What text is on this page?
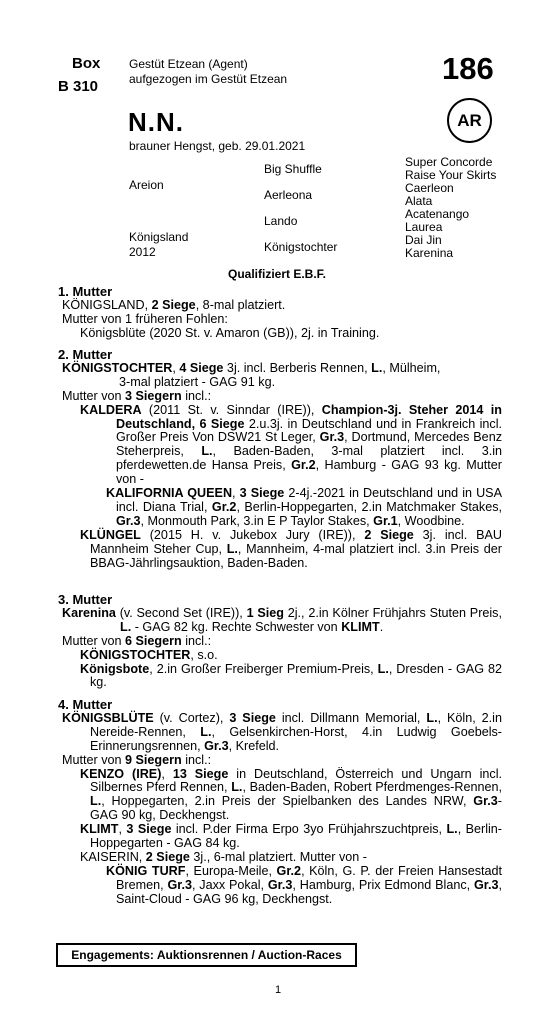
Box
B 310
Gestüt Etzean (Agent)
aufgezogen im Gestüt Etzean	186
AR
N.N.
brauner Hengst, geb. 29.01.2021
Areion
Königsland
2012
Big Shuffle
Aerleona
Lando
Königstochter
Super Concorde
Raise Your Skirts
Caerleon
Alata
Acatenango
Laurea
Dai Jin
Karenina
Qualifiziert E.B.F.
1. Mutter
KÖNIGSLAND, 2 Siege, 8-mal platziert.
Mutter von 1 früheren Fohlen:
Königsblüte (2020 St. v. Amaron (GB)), 2j. in Training.
2. Mutter
KÖNIGSTOCHTER, 4 Siege 3j. incl. Berberis Rennen, L., Mülheim,
3-mal platziert - GAG 91 kg.
Mutter von 3 Siegern incl.:
KALDERA (2011 St. v. Sinndar (IRE)), Champion-3j. Steher 2014 in Deutschland, 6 Siege 2.u.3j. in Deutschland und in Frankreich incl. Großer Preis Von DSW21 St Leger, Gr.3, Dortmund, Mercedes Benz Steherpreis, L., Baden-Baden, 3-mal platziert incl. 3.in pferdewetten.de Hansa Preis, Gr.2, Hamburg - GAG 93 kg. Mutter von -
KALIFORNIA QUEEN, 3 Siege 2-4j.-2021 in Deutschland und in USA incl. Diana Trial, Gr.2, Berlin-Hoppegarten, 2.in Matchmaker Stakes, Gr.3, Monmouth Park, 3.in E P Taylor Stakes, Gr.1, Woodbine.
KLÜNGEL (2015 H. v. Jukebox Jury (IRE)), 2 Siege 3j. incl. BAU Mannheim Steher Cup, L., Mannheim, 4-mal platziert incl. 3.in Preis der BBAG-Jährlingsauktion, Baden-Baden.
3. Mutter
Karenina (v. Second Set (IRE)), 1 Sieg 2j., 2.in Kölner Frühjahrs Stuten Preis, L. - GAG 82 kg. Rechte Schwester von KLIMT.
Mutter von 6 Siegern incl.:
KÖNIGSTOCHTER, s.o.
Königsbote, 2.in Großer Freiberger Premium-Preis, L., Dresden - GAG 82 kg.
4. Mutter
KÖNIGSBLÜTE (v. Cortez), 3 Siege incl. Dillmann Memorial, L., Köln, 2.in Nereide-Rennen, L., Gelsenkirchen-Horst, 4.in Ludwig Goebels-Erinnerungsrennen, Gr.3, Krefeld.
Mutter von 9 Siegern incl.:
KENZO (IRE), 13 Siege in Deutschland, Österreich und Ungarn incl. Silbernes Pferd Rennen, L., Baden-Baden, Robert Pferdmenges-Rennen, L., Hoppegarten, 2.in Preis der Spielbanken des Landes NRW, Gr.3- GAG 90 kg, Deckhengst.
KLIMT, 3 Siege incl. P.der Firma Erpo 3yo Frühjahrszuchtpreis, L., Berlin-Hoppegarten - GAG 84 kg.
KAISERIN, 2 Siege 3j., 6-mal platziert. Mutter von -
KÖNIG TURF, Europa-Meile, Gr.2, Köln, G. P. der Freien Hansestadt Bremen, Gr.3, Jaxx Pokal, Gr.3, Hamburg, Prix Edmond Blanc, Gr.3, Saint-Cloud - GAG 96 kg, Deckhengst.
Engagements: Auktionsrennen / Auction-Races
1
